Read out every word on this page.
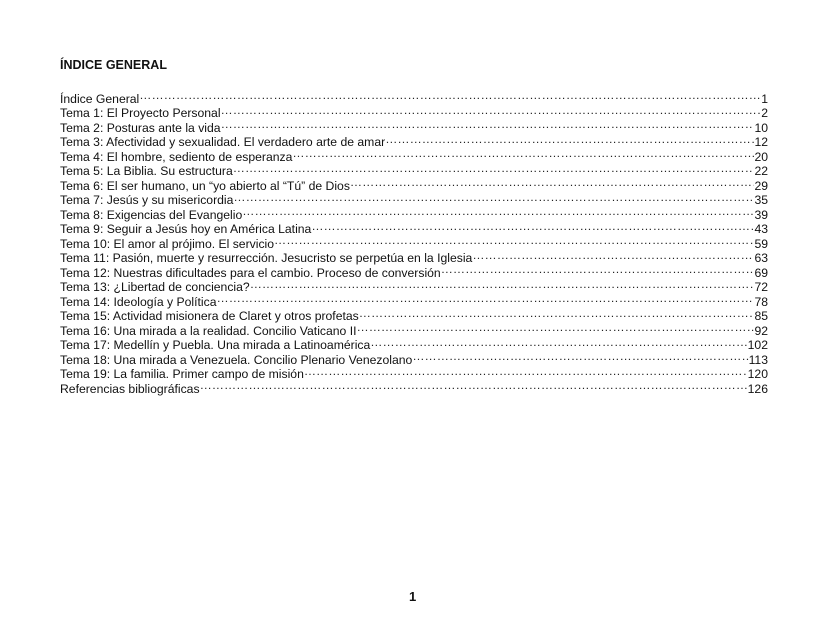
ÍNDICE GENERAL
Índice General ……………………………………………………………………………………………………………………………………………………………………………………………………………………	1
Tema 1: El Proyecto Personal ……………………………………………………………………………………………………………………………………………………………………………………………………………………	2
Tema 2: Posturas ante la vida ……………………………………………………………………………………………………………………………………………………………………………………………………………………	10
Tema 3: Afectividad y sexualidad. El verdadero arte de amar ……………………………………………………………………………………………………………………………………………………………………………………………………………………	12
Tema 4: El hombre, sediento de esperanza ……………………………………………………………………………………………………………………………………………………………………………………………………………………	20
Tema 5: La Biblia. Su estructura ……………………………………………………………………………………………………………………………………………………………………………………………………………………	22
Tema 6: El ser humano, un “yo abierto al “Tú” de Dios ……………………………………………………………………………………………………………………………………………………………………………………………………………………	29
Tema 7: Jesús y su misericordia ……………………………………………………………………………………………………………………………………………………………………………………………………………………	35
Tema 8: Exigencias del Evangelio ……………………………………………………………………………………………………………………………………………………………………………………………………………………	39
Tema 9: Seguir a Jesús hoy en América Latina ……………………………………………………………………………………………………………………………………………………………………………………………………………………	43
Tema 10: El amor al prójimo. El servicio ……………………………………………………………………………………………………………………………………………………………………………………………………………………	59
Tema 11: Pasión, muerte y resurrección. Jesucristo se perpetúa en la Iglesia ……………………………………………………………………………………………………………………………………………………………………………………………………………………	63
Tema 12: Nuestras dificultades para el cambio. Proceso de conversión ……………………………………………………………………………………………………………………………………………………………………………………………………………………	69
Tema 13: ¿Libertad de conciencia? ……………………………………………………………………………………………………………………………………………………………………………………………………………………	72
Tema 14: Ideología y Política ……………………………………………………………………………………………………………………………………………………………………………………………………………………	78
Tema 15: Actividad misionera de Claret y otros profetas ……………………………………………………………………………………………………………………………………………………………………………………………………………………	85
Tema 16: Una mirada a la realidad. Concilio Vaticano II ……………………………………………………………………………………………………………………………………………………………………………………………………………………	92
Tema 17: Medellín y Puebla. Una mirada a Latinoamérica ……………………………………………………………………………………………………………………………………………………………………………………………………………………	102
Tema 18: Una mirada a Venezuela. Concilio Plenario Venezolano ……………………………………………………………………………………………………………………………………………………………………………………………………………………	113
Tema 19: La familia. Primer campo de misión ……………………………………………………………………………………………………………………………………………………………………………………………………………………	120
Referencias bibliográficas ……………………………………………………………………………………………………………………………………………………………………………………………………………………	126
1
